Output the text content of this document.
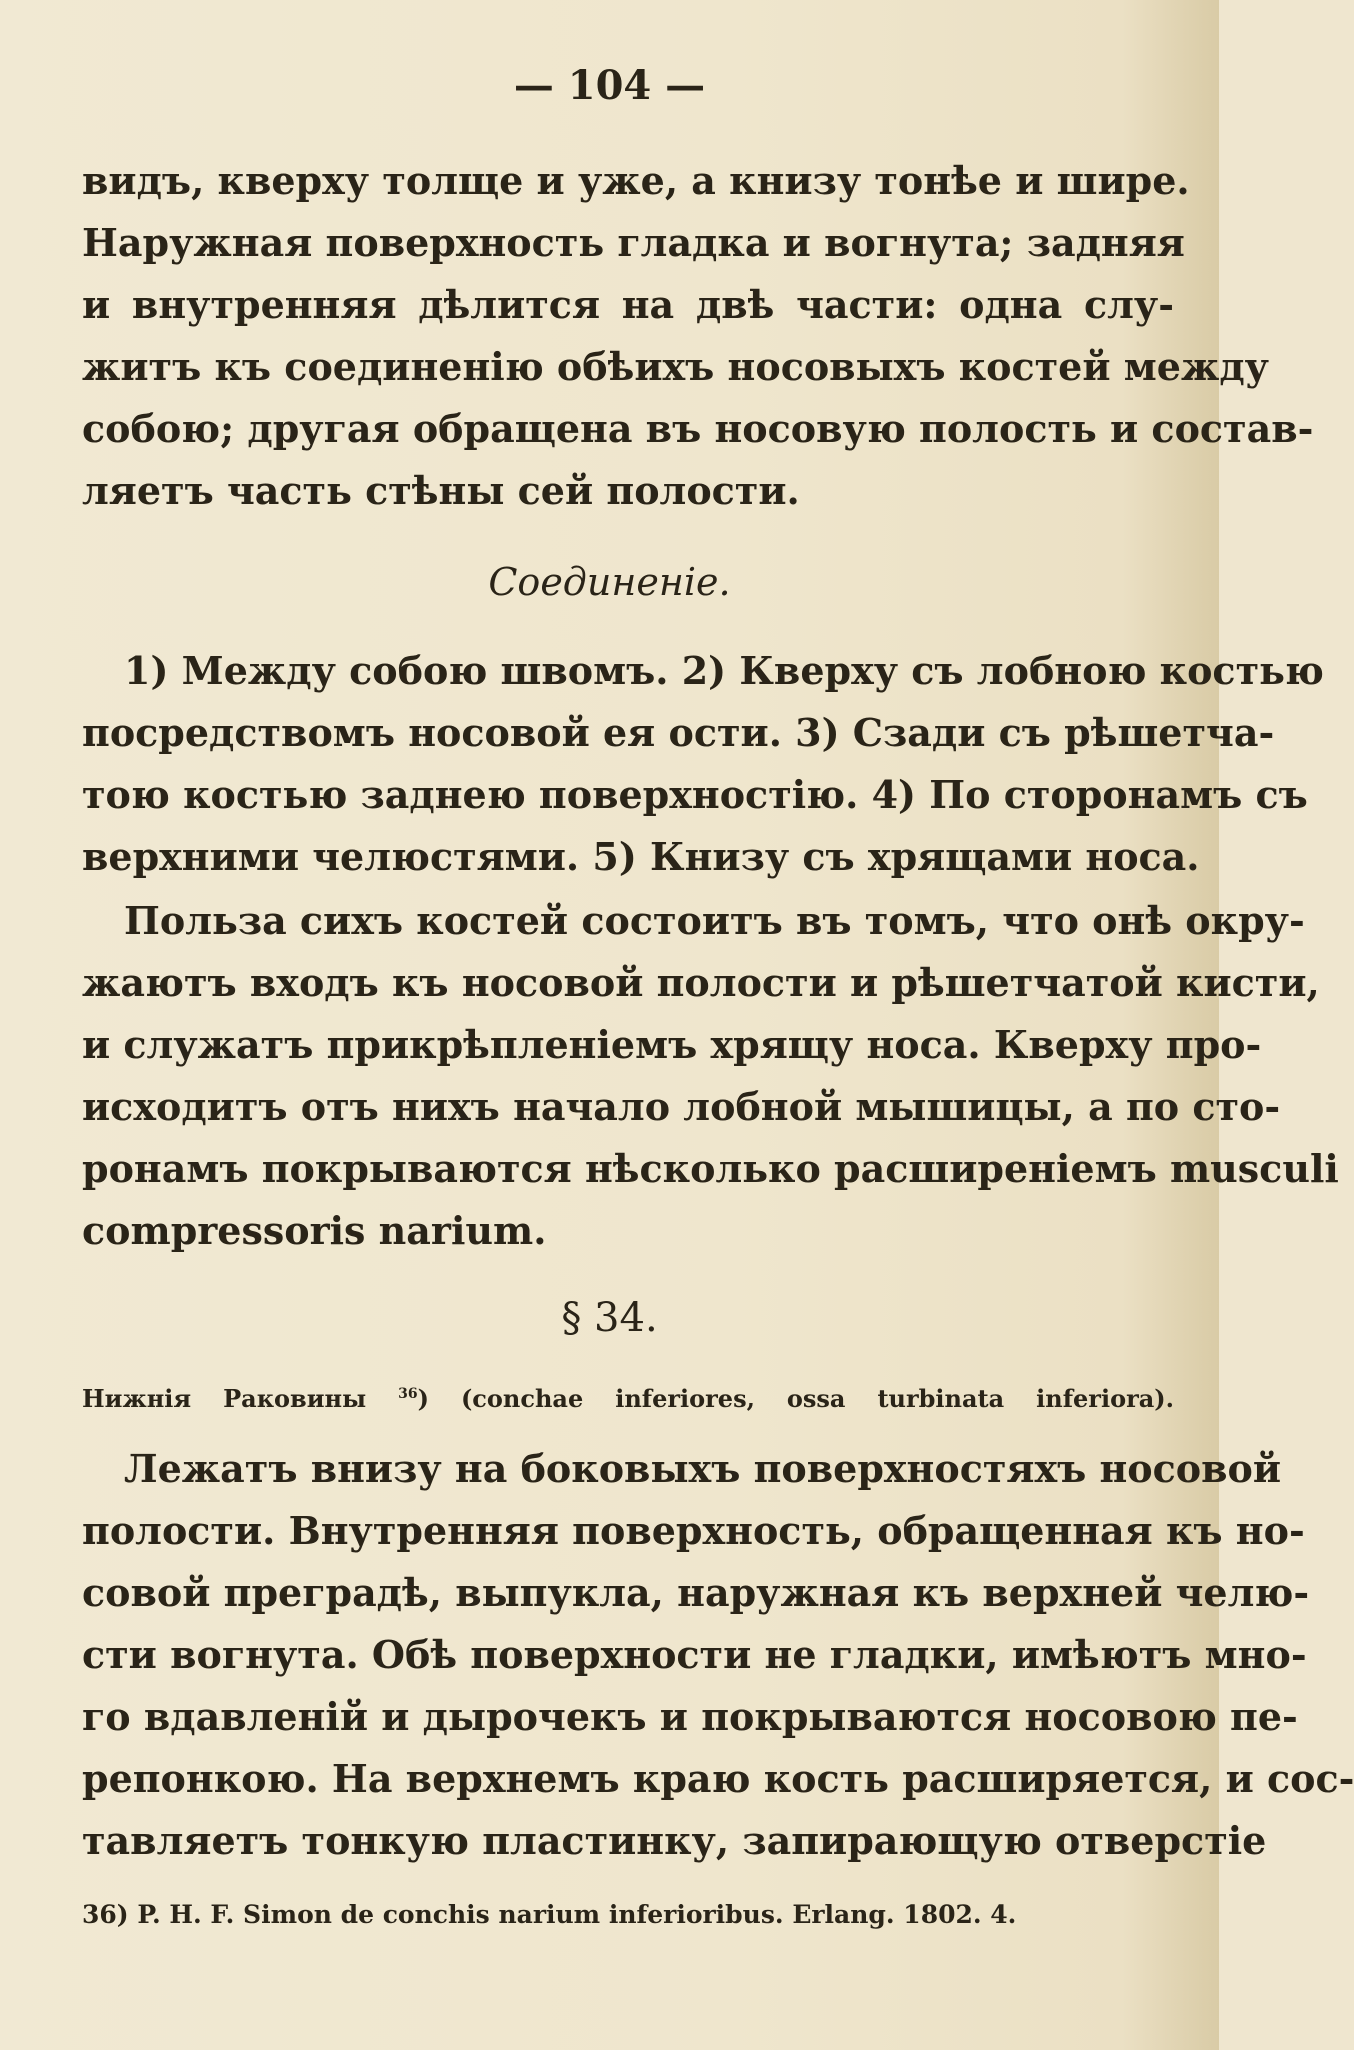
— 104 —
видъ, кверху толще и уже, а книзу тонѣе и шире.
Наружная поверхность гладка и вогнута; задняя
и внутренняя дѣлится на двѣ части: одна слу-
житъ къ соединенію обѣихъ носовыхъ костей между
собою; другая обращена въ носовую полость и состав-
ляетъ часть стѣны сей полости.
Соединеніе.
1) Между собою швомъ. 2) Кверху съ лобною костью
посредствомъ носовой ея ости. 3) Сзади съ рѣшетча-
тою костью заднею поверхностію. 4) По сторонамъ съ
верхними челюстями. 5) Книзу съ хрящами носа.
Польза сихъ костей состоитъ въ томъ, что онѣ окру-
жаютъ входъ къ носовой полости и рѣшетчатой кисти,
и служатъ прикрѣпленіемъ хрящу носа. Кверху про-
исходитъ отъ нихъ начало лобной мышицы, а по сто-
ронамъ покрываются нѣсколько расширеніемъ musculi
compressoris narium.
§ 34.
Нижнія Раковины $^{36}$) (conchae inferiores, ossa turbinata inferiora).
Лежатъ внизу на боковыхъ поверхностяхъ носовой
полости. Внутренняя поверхность, обращенная къ но-
совой преградѣ, выпукла, наружная къ верхней челю-
сти вогнута. Обѣ поверхности не гладки, имѣютъ мно-
го вдавленій и дырочекъ и покрываются носовою пе-
репонкою. На верхнемъ краю кость расширяется, и сос-
тавляетъ тонкую пластинку, запирающую отверстіе
36) P. H. F. Simon de conchis narium inferioribus. Erlang. 1802. 4.
